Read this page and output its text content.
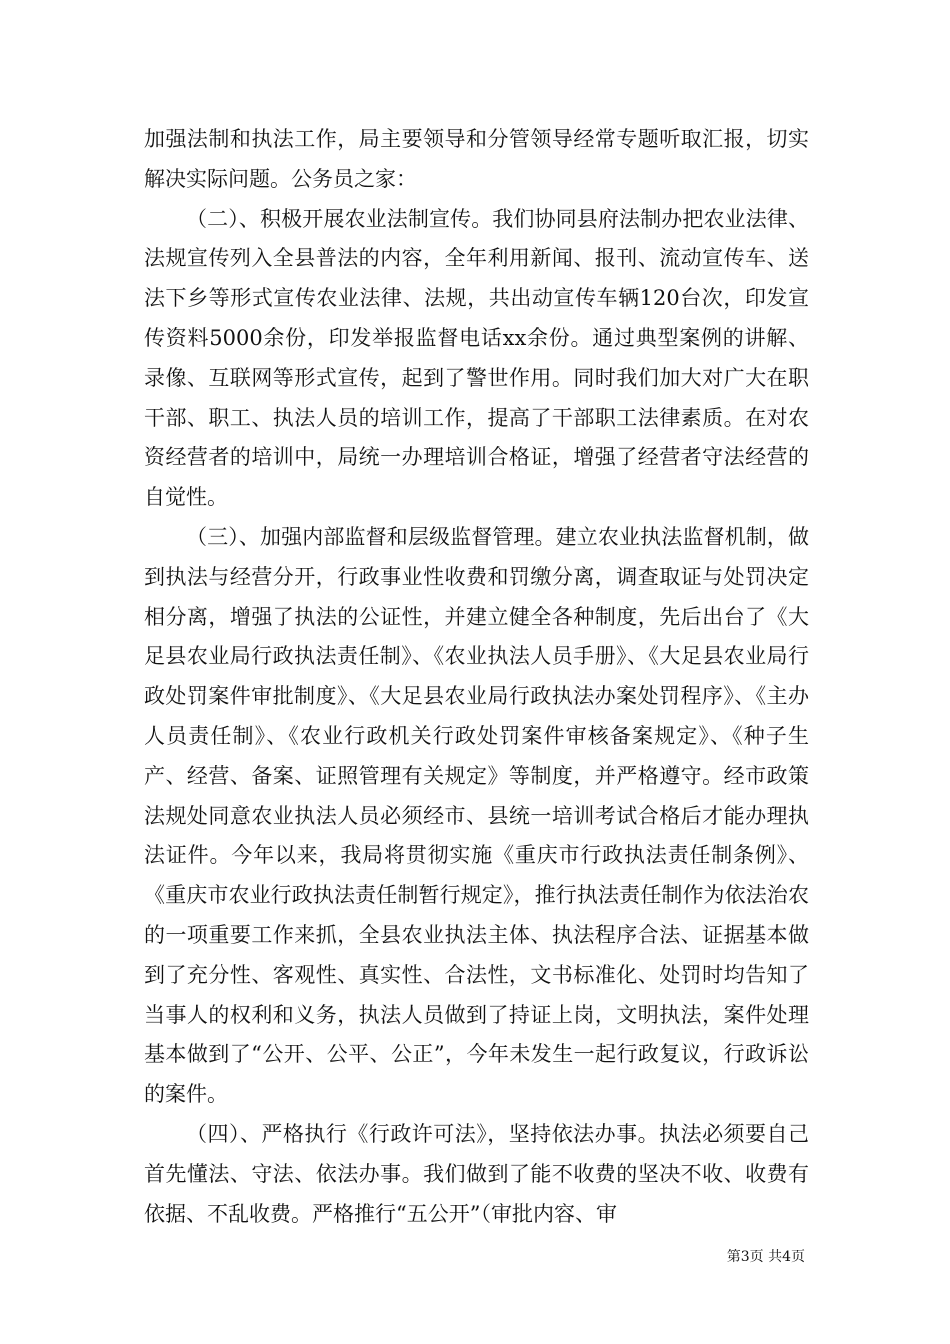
加强法制和执法工作，局主要领导和分管领导经常专题听取汇报，切实解决实际问题。公务员之家：

（二）、积极开展农业法制宣传。我们协同县府法制办把农业法律、法规宣传列入全县普法的内容，全年利用新闻、报刊、流动宣传车、送法下乡等形式宣传农业法律、法规，共出动宣传车辆120台次，印发宣传资料5000余份，印发举报监督电话xx余份。通过典型案例的讲解、录像、互联网等形式宣传，起到了警世作用。同时我们加大对广大在职干部、职工、执法人员的培训工作，提高了干部职工法律素质。在对农资经营者的培训中，局统一办理培训合格证，增强了经营者守法经营的自觉性。

（三）、加强内部监督和层级监督管理。建立农业执法监督机制，做到执法与经营分开，行政事业性收费和罚缴分离，调查取证与处罚决定相分离，增强了执法的公证性，并建立健全各种制度，先后出台了《大足县农业局行政执法责任制》、《农业执法人员手册》、《大足县农业局行政处罚案件审批制度》、《大足县农业局行政执法办案处罚程序》、《主办人员责任制》、《农业行政机关行政处罚案件审核备案规定》、《种子生产、经营、备案、证照管理有关规定》等制度，并严格遵守。经市政策法规处同意农业执法人员必须经市、县统一培训考试合格后才能办理执法证件。今年以来，我局将贯彻实施《重庆市行政执法责任制条例》、《重庆市农业行政执法责任制暂行规定》，推行执法责任制作为依法治农的一项重要工作来抓，全县农业执法主体、执法程序合法、证据基本做到了充分性、客观性、真实性、合法性，文书标准化、处罚时均告知了当事人的权利和义务，执法人员做到了持证上岗，文明执法，案件处理基本做到了“公开、公平、公正”，今年未发生一起行政复议，行政诉讼的案件。

（四）、严格执行《行政许可法》，坚持依法办事。执法必须要自己首先懂法、守法、依法办事。我们做到了能不收费的坚决不收、收费有依据、不乱收费。严格推行“五公开”（审批内容、审

第3页 共4页
